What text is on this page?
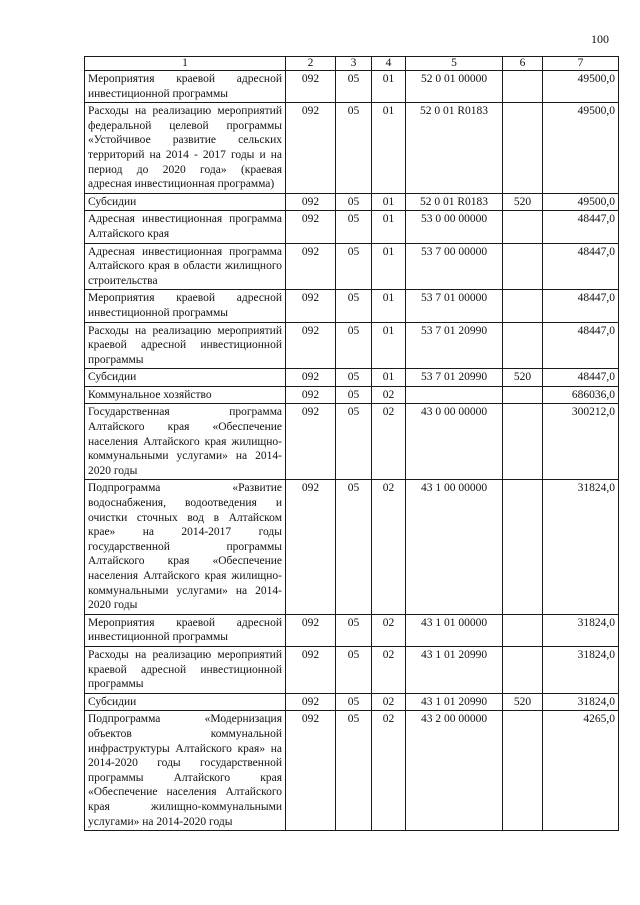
100
1	2	3	4	5	6	7
Мероприятия краевой адресной инвестиционной программы	092	05	01	52 0 01 00000		49500,0
Расходы на реализацию мероприятий федеральной целевой программы «Устойчивое развитие сельских территорий на 2014 - 2017 годы и на период до 2020 года» (краевая адресная инвестиционная программа)	092	05	01	52 0 01 R0183		49500,0
Субсидии	092	05	01	52 0 01 R0183	520	49500,0
Адресная инвестиционная программа Алтайского края	092	05	01	53 0 00 00000		48447,0
Адресная инвестиционная программа Алтайского края в области жилищного строительства	092	05	01	53 7 00 00000		48447,0
Мероприятия краевой адресной инвестиционной программы	092	05	01	53 7 01 00000		48447,0
Расходы на реализацию мероприятий краевой адресной инвестиционной программы	092	05	01	53 7 01 20990		48447,0
Субсидии	092	05	01	53 7 01 20990	520	48447,0
Коммунальное хозяйство	092	05	02			686036,0
Государственная программа Алтайского края «Обеспечение населения Алтайского края жилищно-коммунальными услугами» на 2014-2020 годы	092	05	02	43 0 00 00000		300212,0
Подпрограмма «Развитие водоснабжения, водоотведения и очистки сточных вод в Алтайском крае» на 2014-2017 годы государственной программы Алтайского края «Обеспечение населения Алтайского края жилищно-коммунальными услугами» на 2014-2020 годы	092	05	02	43 1 00 00000		31824,0
Мероприятия краевой адресной инвестиционной программы	092	05	02	43 1 01 00000		31824,0
Расходы на реализацию мероприятий краевой адресной инвестиционной программы	092	05	02	43 1 01 20990		31824,0
Субсидии	092	05	02	43 1 01 20990	520	31824,0
Подпрограмма «Модернизация объектов коммунальной инфраструктуры Алтайского края» на 2014-2020 годы государственной программы Алтайского края «Обеспечение населения Алтайского края жилищно-коммунальными услугами» на 2014-2020 годы	092	05	02	43 2 00 00000		4265,0
